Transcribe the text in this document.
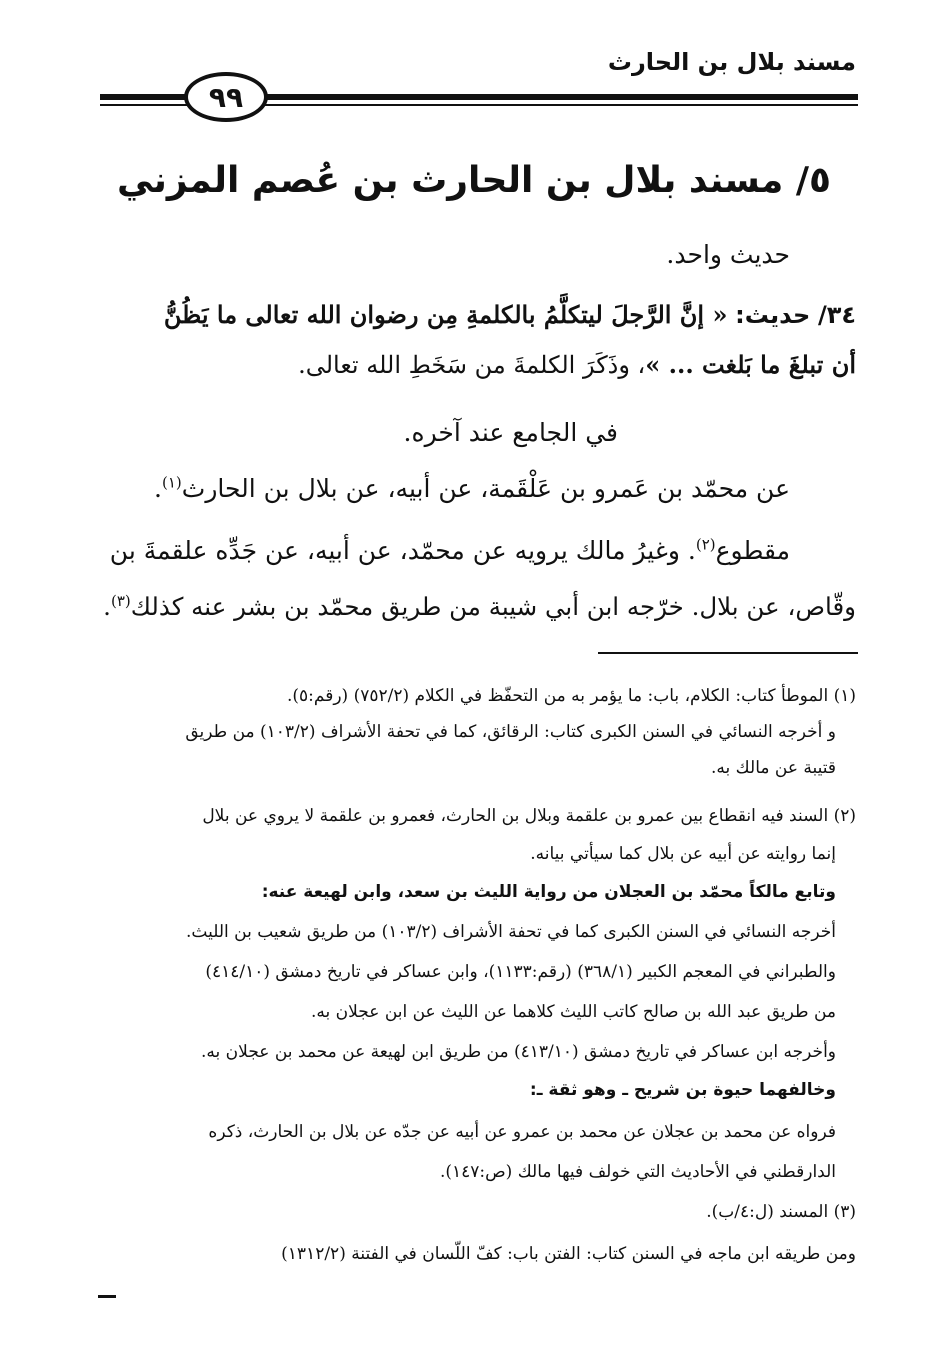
مسند بلال بن الحارث
٩٩
٥/ مسند بلال بن الحارث بن عُصم المزني
حديث واحد.
٣٤/ حديث: « إنَّ الرَّجلَ ليتكلَّمُ بالكلمةِ مِن رضوان الله تعالى ما يَظُنُّ
أن تبلغَ ما بَلغت ... »، وذَكَرَ الكلمةَ من سَخَطِ الله تعالى.
في الجامع عند آخره.
عن محمّد بن عَمرو بن عَلْقَمة، عن أبيه، عن بلال بن الحارث$^{(١)}$.
مقطوع$^{(٢)}$. وغيرُ مالك يرويه عن محمّد، عن أبيه، عن جَدِّه علقمةَ بن
وقّاص، عن بلال. خرّجه ابن أبي شيبة من طريق محمّد بن بشر عنه كذلك$^{(٣)}$.
(١) الموطأ كتاب: الكلام، باب: ما يؤمر به من التحفّظ في الكلام (٧٥٢/٢) (رقم:٥).
و أخرجه النسائي في السنن الكبرى كتاب: الرقائق، كما في تحفة الأشراف (١٠٣/٢) من طريق
قتيبة عن مالك به.
(٢) السند فيه انقطاع بين عمرو بن علقمة وبلال بن الحارث، فعمرو بن علقمة لا يروي عن بلال
إنما روايته عن أبيه عن بلال كما سيأتي بيانه.
وتابع مالكاً محمّد بن العجلان من رواية الليث بن سعد، وابن لهيعة عنه:
أخرجه النسائي في السنن الكبرى كما في تحفة الأشراف (١٠٣/٢) من طريق شعيب بن الليث.
والطبراني في المعجم الكبير (٣٦٨/١) (رقم:١١٣٣)، وابن عساكر في تاريخ دمشق (٤١٤/١٠)
من طريق عبد الله بن صالح كاتب الليث كلاهما عن الليث عن ابن عجلان به.
وأخرجه ابن عساكر في تاريخ دمشق (٤١٣/١٠) من طريق ابن لهيعة عن محمد بن عجلان به.
وخالفهما حيوة بن شريح ـ وهو ثقة ـ:
فرواه عن محمد بن عجلان عن محمد بن عمرو عن أبيه عن جدّه عن بلال بن الحارث، ذكره
الدارقطني في الأحاديث التي خولف فيها مالك (ص:١٤٧).
(٣) المسند (ل:٤/ب).
ومن طريقه ابن ماجه في السنن كتاب: الفتن باب: كفّ اللّسان في الفتنة (١٣١٢/٢)
